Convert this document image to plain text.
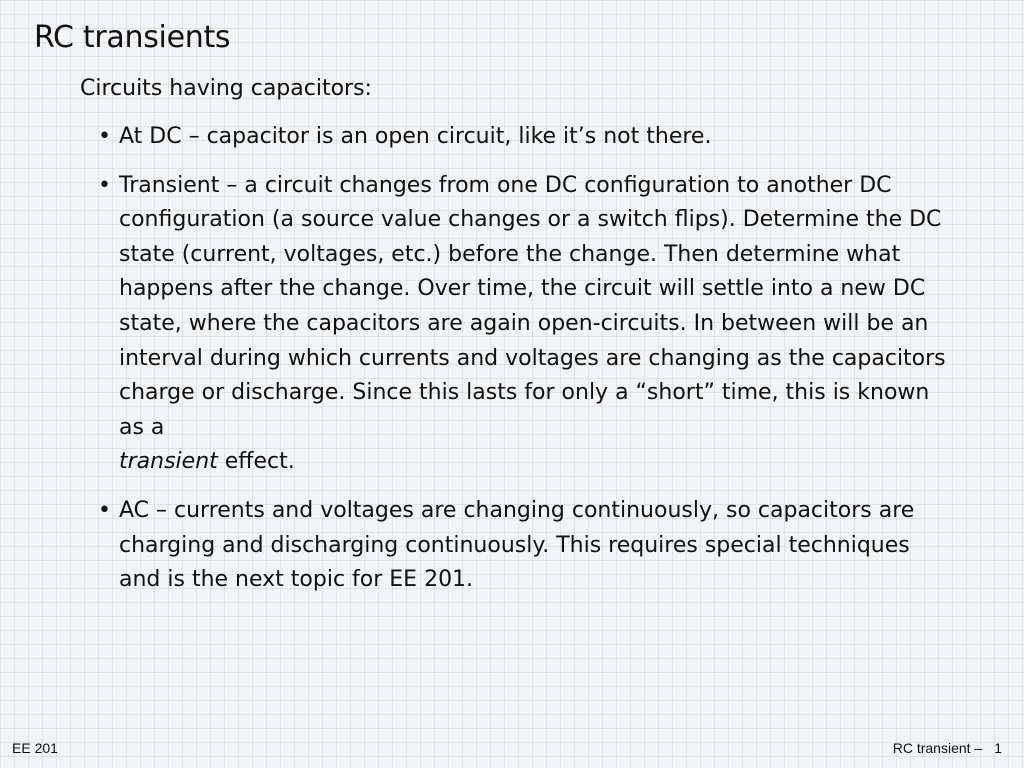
RC transients
Circuits having capacitors:
• At DC – capacitor is an open circuit, like it’s not there.
• Transient – a circuit changes from one DC configuration to another DC configuration (a source value changes or a switch flips). Determine the DC state (current, voltages, etc.) before the change. Then determine what happens after the change. Over time, the circuit will settle into a new DC state, where the capacitors are again open-circuits. In between will be an interval during which currents and voltages are changing as the capacitors charge or discharge. Since this lasts for only a “short” time, this is known as a
transient effect.
• AC – currents and voltages are changing continuously, so capacitors are charging and discharging continuously. This requires special techniques and is the next topic for EE 201.
EE 201	RC transient – 1
